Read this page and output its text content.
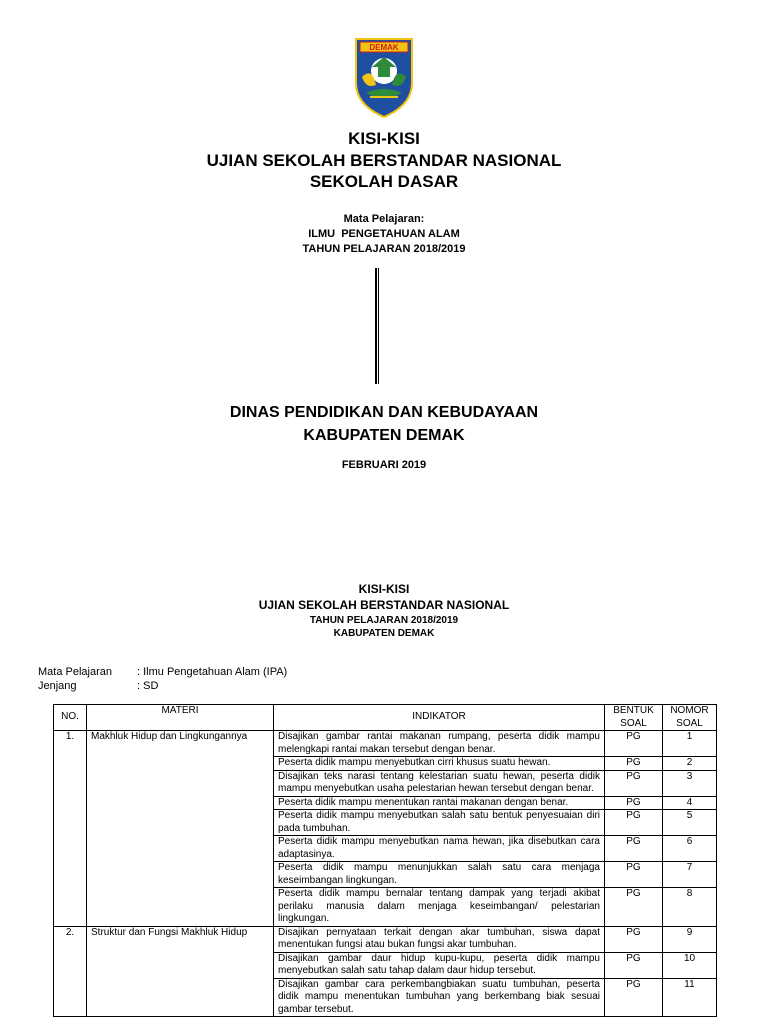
DEMAK
KISI-KISI
UJIAN SEKOLAH BERSTANDAR NASIONAL
SEKOLAH DASAR
Mata Pelajaran:
ILMU  PENGETAHUAN ALAM
TAHUN PELAJARAN 2018/2019
DINAS PENDIDIKAN DAN KEBUDAYAAN
KABUPATEN DEMAK
FEBRUARI 2019
KISI-KISI
UJIAN SEKOLAH BERSTANDAR NASIONAL
TAHUN PELAJARAN 2018/2019
KABUPATEN DEMAK
Mata Pelajaran : Ilmu Pengetahuan Alam (IPA)
Jenjang	: SD
NO.	MATERI	INDIKATOR	BENTUK SOAL	NOMOR SOAL
1.	Makhluk Hidup dan Lingkungannya	Disajikan gambar rantai makanan rumpang, peserta didik mampu melengkapi rantai makan tersebut dengan benar.	PG	1
		Peserta didik mampu menyebutkan cirri khusus suatu hewan.	PG	2
		Disajikan teks narasi tentang kelestarian suatu hewan, peserta didik mampu menyebutkan usaha pelestarian hewan tersebut dengan benar.	PG	3
		Peserta didik mampu menentukan rantai makanan dengan benar.	PG	4
		Peserta didik mampu menyebutkan salah satu bentuk penyesuaian diri pada tumbuhan.	PG	5
		Peserta didik mampu menyebutkan nama hewan, jika disebutkan cara adaptasinya.	PG	6
		Peserta didik mampu menunjukkan salah satu cara menjaga keseimbangan lingkungan.	PG	7
		Peserta didik mampu bernalar tentang dampak yang terjadi akibat perilaku manusia dalam menjaga keseimbangan/ pelestarian lingkungan.	PG	8
2.	Struktur dan Fungsi Makhluk Hidup	Disajikan pernyataan terkait dengan akar tumbuhan, siswa dapat menentukan fungsi atau bukan fungsi akar tumbuhan.	PG	9
		Disajikan gambar daur hidup kupu-kupu, peserta didik mampu menyebutkan salah satu tahap dalam daur hidup tersebut.	PG	10
		Disajikan gambar cara perkembangbiakan suatu tumbuhan, peserta didik mampu menentukan tumbuhan yang berkembang biak sesuai gambar tersebut.	PG	11
